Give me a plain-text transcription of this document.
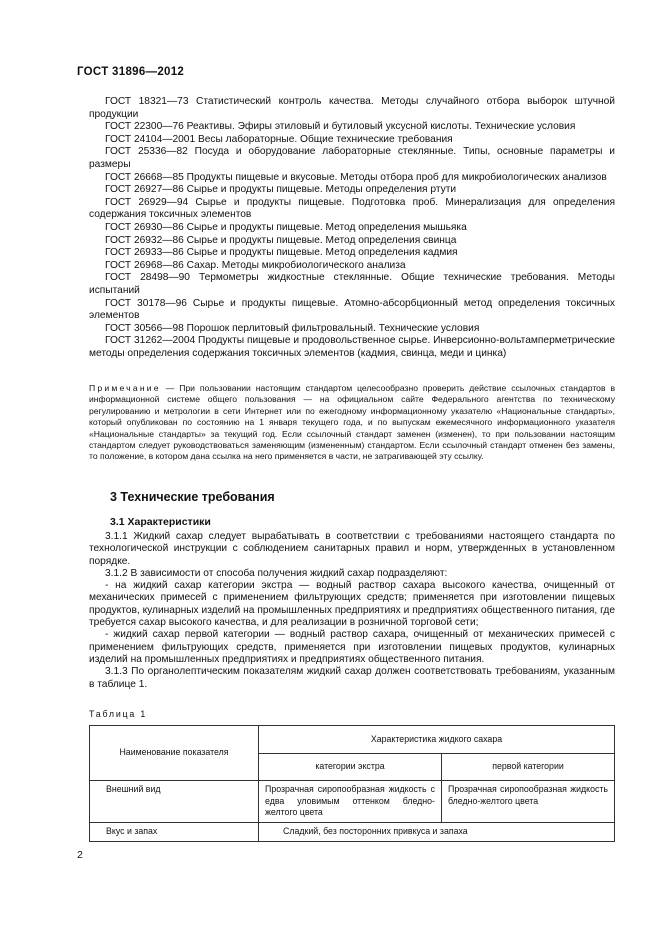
ГОСТ 31896—2012

ГОСТ 18321—73 Статистический контроль качества. Методы случайного отбора выборок штучной продукции

ГОСТ 22300—76 Реактивы. Эфиры этиловый и бутиловый уксусной кислоты. Технические условия

ГОСТ 24104—2001 Весы лабораторные. Общие технические требования

ГОСТ 25336—82 Посуда и оборудование лабораторные стеклянные. Типы, основные параметры и размеры

ГОСТ 26668—85 Продукты пищевые и вкусовые. Методы отбора проб для микробиологических анализов

ГОСТ 26927—86 Сырье и продукты пищевые. Методы определения ртути

ГОСТ 26929—94 Сырье и продукты пищевые. Подготовка проб. Минерализация для определения содержания токсичных элементов

ГОСТ 26930—86 Сырье и продукты пищевые. Метод определения мышьяка

ГОСТ 26932—86 Сырье и продукты пищевые. Метод определения свинца

ГОСТ 26933—86 Сырье и продукты пищевые. Метод определения кадмия

ГОСТ 26968—86 Сахар. Методы микробиологического анализа

ГОСТ 28498—90 Термометры жидкостные стеклянные. Общие технические требования. Методы испытаний

ГОСТ 30178—96 Сырье и продукты пищевые. Атомно-абсорбционный метод определения токсичных элементов

ГОСТ 30566—98 Порошок перлитовый фильтровальный. Технические условия

ГОСТ 31262—2004 Продукты пищевые и продовольственное сырье. Инверсионно-вольтамперметрические методы определения содержания токсичных элементов (кадмия, свинца, меди и цинка)

Примечание — При пользовании настоящим стандартом целесообразно проверить действие ссылочных стандартов в информационной системе общего пользования — на официальном сайте Федерального агентства по техническому регулированию и метрологии в сети Интернет или по ежегодному информационному указателю «Национальные стандарты», который опубликован по состоянию на 1 января текущего года, и по выпускам ежемесячного информационного указателя «Национальные стандарты» за текущий год. Если ссылочный стандарт заменен (изменен), то при пользовании настоящим стандартом следует руководствоваться заменяющим (измененным) стандартом. Если ссылочный стандарт отменен без замены, то положение, в котором дана ссылка на него применяется в части, не затрагивающей эту ссылку.
3 Технические требования
3.1 Характеристики

3.1.1 Жидкий сахар следует вырабатывать в соответствии с требованиями настоящего стандарта по технологической инструкции с соблюдением санитарных правил и норм, утвержденных в установленном порядке.

3.1.2 В зависимости от способа получения жидкий сахар подразделяют:

- на жидкий сахар категории экстра — водный раствор сахара высокого качества, очищенный от механических примесей с применением фильтрующих средств; применяется при изготовлении пищевых продуктов, кулинарных изделий на промышленных предприятиях и предприятиях общественного питания, где требуется сахар высокого качества, и для реализации в розничной торговой сети;

- жидкий сахар первой категории — водный раствор сахара, очищенный от механических примесей с применением фильтрующих средств, применяется при изготовлении пищевых продуктов, кулинарных изделий на промышленных предприятиях и предприятиях общественного питания.

3.1.3 По органолептическим показателям жидкий сахар должен соответствовать требованиям, указанным в таблице 1.

Таблица 1
Наименование показателя	Характеристика жидкого сахара	
	категории экстра	первой категории
Внешний вид	Прозрачная сиропообразная жидкость с едва уловимым оттенком бледно-желтого цвета	Прозрачная сиропообразная жидкость бледно-желтого цвета
Вкус и запах	Сладкий, без посторонних привкуса и запаха	
2
